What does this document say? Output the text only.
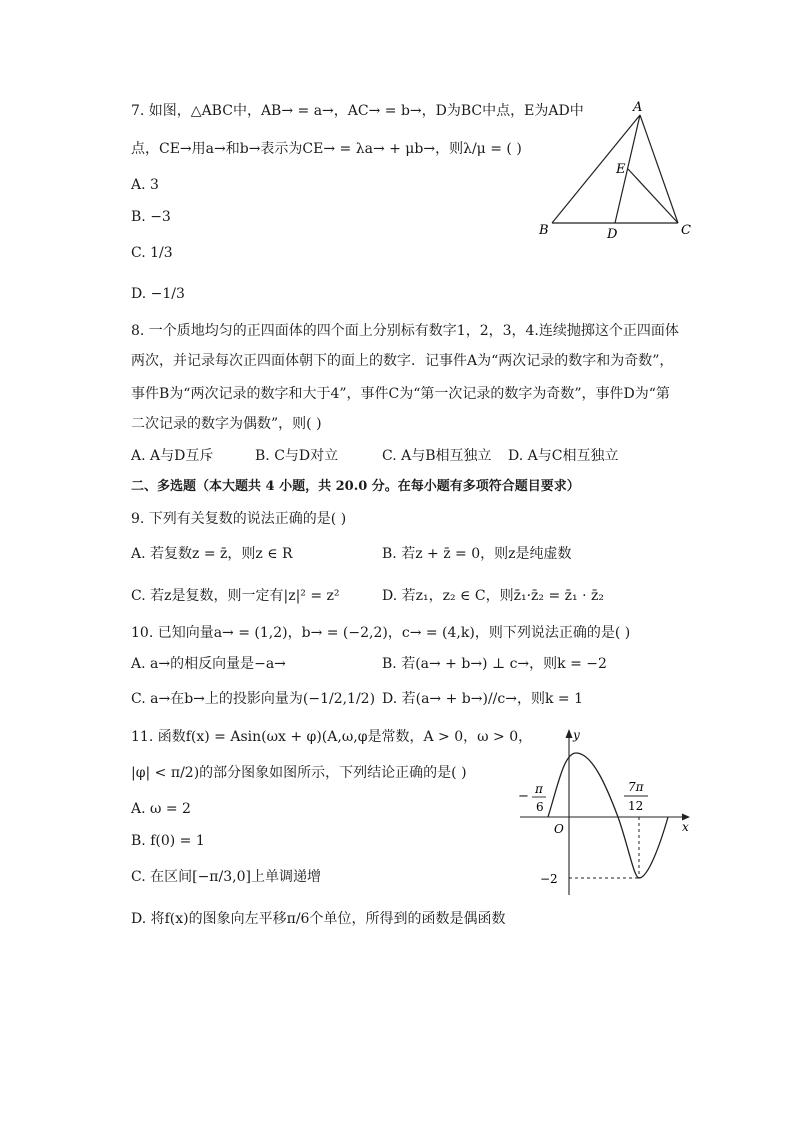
7. 如图，△ABC中，AB→ = a→，AC→ = b→，D为BC中点，E为AD中
点，CE→用a→和b→表示为CE→ = λa→ + μb→，则λ/μ = ( )
A. 3
B. −3
C. 1/3
D. −1/3
A
B	C
D
E
8. 一个质地均匀的正四面体的四个面上分别标有数字1，2，3，4.连续抛掷这个正四面体
两次，并记录每次正四面体朝下的面上的数字．记事件A为“两次记录的数字和为奇数”，
事件B为“两次记录的数字和大于4”，事件C为“第一次记录的数字为奇数”，事件D为“第
二次记录的数字为偶数”，则( )
A. A与D互斥	B. C与D对立	C. A与B相互独立 D. A与C相互独立
二、多选题（本大题共 4 小题，共 20.0 分。在每小题有多项符合题目要求）
9. 下列有关复数的说法正确的是( )
A. 若复数z = z̄，则z ∈ R	B. 若z + z̄ = 0，则z是纯虚数
C. 若z是复数，则一定有|z|² = z²	D. 若z₁，z₂ ∈ C，则z̄₁·z̄₂ = z̄₁ · z̄₂
10. 已知向量a→ = (1,2)，b→ = (−2,2)，c→ = (4,k)，则下列说法正确的是( )
A. a→的相反向量是−a→	B. 若(a→ + b→) ⊥ c→，则k = −2
C. a→在b→上的投影向量为(−1/2,1/2) D. 若(a→ + b→)//c→，则k = 1
11. 函数f(x) = Asin(ωx + φ)(A,ω,φ是常数，A > 0，ω > 0，
|φ| < π/2)的部分图象如图所示，下列结论正确的是( )
A. ω = 2
B. f(0) = 1
C. 在区间[−π/3,0]上单调递增
D. 将f(x)的图象向左平移π/6个单位，所得到的函数是偶函数
y
x
O
− π
6
7π
12
−2
